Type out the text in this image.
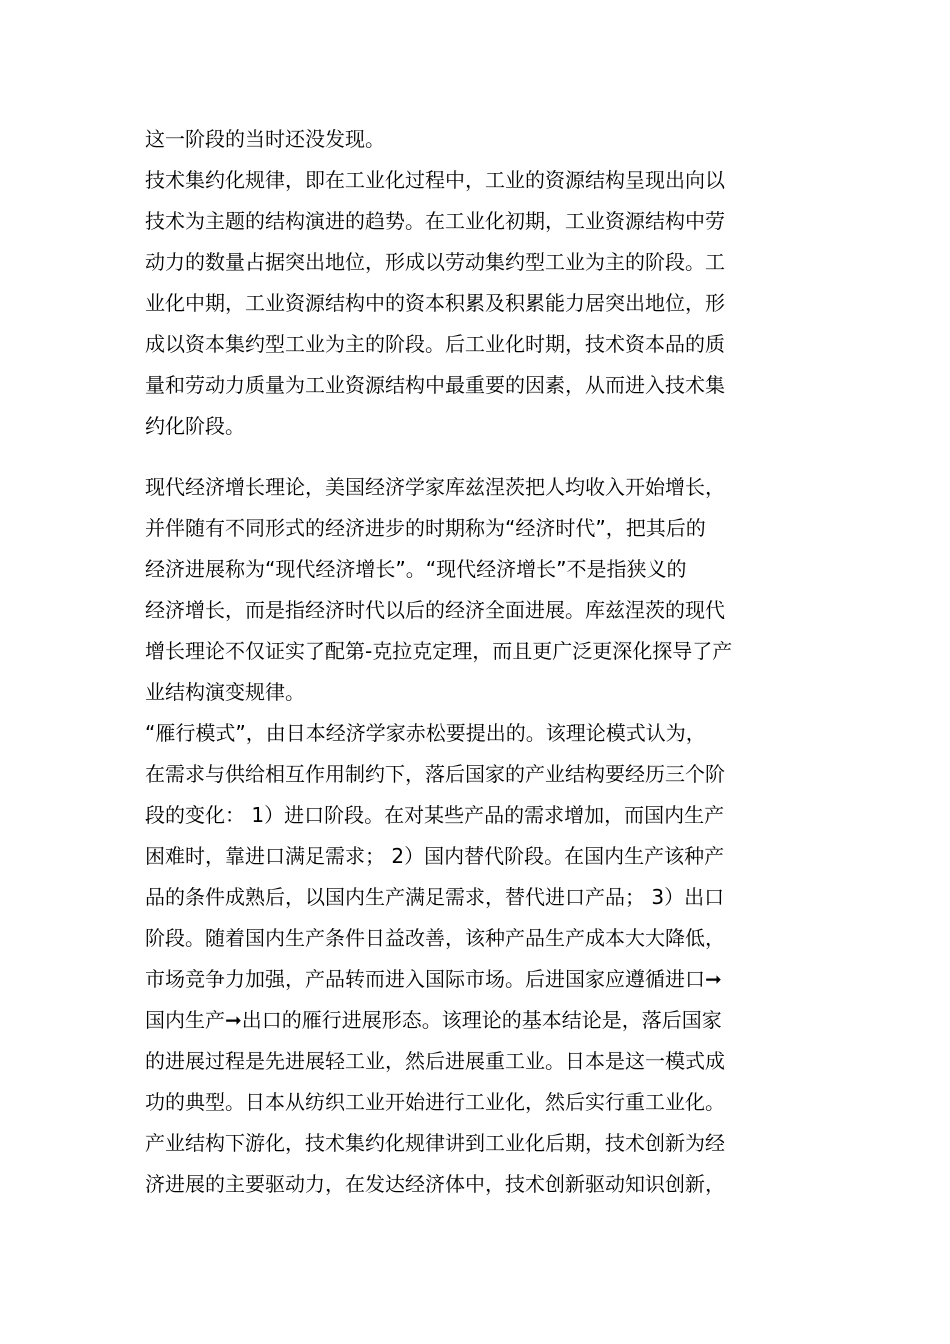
这一阶段的当时还没发现。
技术集约化规律，即在工业化过程中，工业的资源结构呈现出向以
技术为主题的结构演进的趋势。在工业化初期，工业资源结构中劳
动力的数量占据突出地位，形成以劳动集约型工业为主的阶段。工
业化中期，工业资源结构中的资本积累及积累能力居突出地位，形
成以资本集约型工业为主的阶段。后工业化时期，技术资本品的质
量和劳动力质量为工业资源结构中最重要的因素，从而进入技术集
约化阶段。
现代经济增长理论，美国经济学家库兹涅茨把人均收入开始增长，
并伴随有不同形式的经济进步的时期称为“经济时代”，把其后的
经济进展称为“现代经济增长”。“现代经济增长”不是指狭义的
经济增长，而是指经济时代以后的经济全面进展。库兹涅茨的现代
增长理论不仅证实了配第-克拉克定理，而且更广泛更深化探导了产
业结构演变规律。
“雁行模式”，由日本经济学家赤松要提出的。该理论模式认为，
在需求与供给相互作用制约下，落后国家的产业结构要经历三个阶
段的变化： 1）进口阶段。在对某些产品的需求增加，而国内生产
困难时，靠进口满足需求； 2）国内替代阶段。在国内生产该种产
品的条件成熟后，以国内生产满足需求，替代进口产品； 3）出口
阶段。随着国内生产条件日益改善，该种产品生产成本大大降低，
市场竞争力加强，产品转而进入国际市场。后进国家应遵循进口➞
国内生产➞出口的雁行进展形态。该理论的基本结论是，落后国家
的进展过程是先进展轻工业，然后进展重工业。日本是这一模式成
功的典型。日本从纺织工业开始进行工业化，然后实行重工业化。
产业结构下游化，技术集约化规律讲到工业化后期，技术创新为经
济进展的主要驱动力，在发达经济体中，技术创新驱动知识创新，
